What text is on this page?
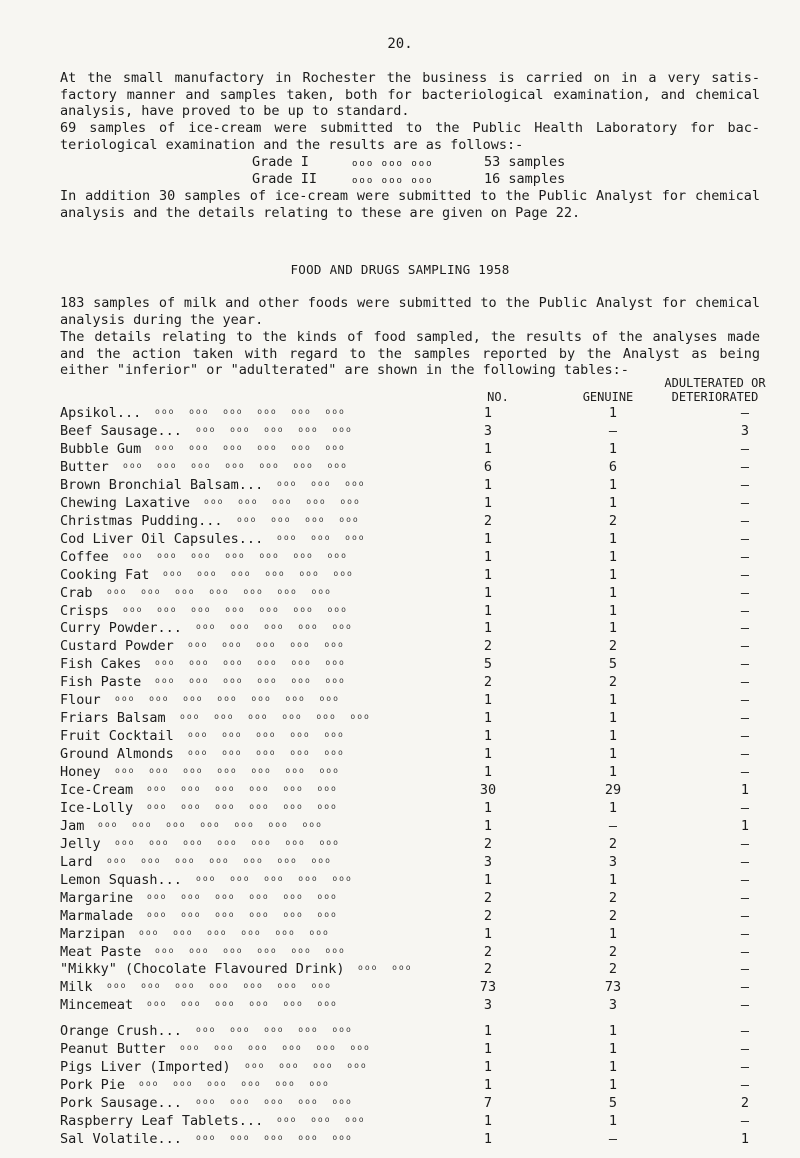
20.

At the small manufactory in Rochester the business is carried on in a very satis- factory manner and samples taken, both for bacteriological examination, and chemical analysis, have proved to be up to standard.

69 samples of ice-cream were submitted to the Public Health Laboratory for bac- teriological examination and the results are as follows:-

Grade I	ooo ooo ooo	53 samples
Grade II	ooo ooo ooo	16 samples

In addition 30 samples of ice-cream were submitted to the Public Analyst for chemical analysis and the details relating to these are given on Page 22.

FOOD AND DRUGS SAMPLING 1958

183 samples of milk and other foods were submitted to the Public Analyst for chemical analysis during the year.

The details relating to the kinds of food sampled, the results of the analyses made and the action taken with regard to the samples reported by the Analyst as being either "inferior" or "adulterated" are shown in the following tables:-

ADULTERATED OR
NO.	GENUINE	DETERIORATED
Apsikol...	1	1	—
ooo  ooo  ooo  ooo  ooo  ooo
Beef Sausage...	3	—	3
ooo  ooo  ooo  ooo  ooo
Bubble Gum	1	1	—
ooo  ooo  ooo  ooo  ooo  ooo
Butter	6	6	—
ooo  ooo  ooo  ooo  ooo  ooo  ooo
Brown Bronchial Balsam...	1	1	—
ooo  ooo  ooo
Chewing Laxative	1	1	—
ooo  ooo  ooo  ooo  ooo
Christmas Pudding...	2	2	—
ooo  ooo  ooo  ooo
Cod Liver Oil Capsules...	1	1	—
ooo  ooo  ooo
Coffee	1	1	—
ooo  ooo  ooo  ooo  ooo  ooo  ooo
Cooking Fat	1	1	—
ooo  ooo  ooo  ooo  ooo  ooo
Crab	1	1	—
ooo  ooo  ooo  ooo  ooo  ooo  ooo
Crisps	1	1	—
ooo  ooo  ooo  ooo  ooo  ooo  ooo
Curry Powder...	1	1	—
ooo  ooo  ooo  ooo  ooo
Custard Powder	2	2	—
ooo  ooo  ooo  ooo  ooo
Fish Cakes	5	5	—
ooo  ooo  ooo  ooo  ooo  ooo
Fish Paste	2	2	—
ooo  ooo  ooo  ooo  ooo  ooo
Flour	1	1	—
ooo  ooo  ooo  ooo  ooo  ooo  ooo
Friars Balsam	1	1	—
ooo  ooo  ooo  ooo  ooo  ooo
Fruit Cocktail	1	1	—
ooo  ooo  ooo  ooo  ooo
Ground Almonds	1	1	—
ooo  ooo  ooo  ooo  ooo
Honey	1	1	—
ooo  ooo  ooo  ooo  ooo  ooo  ooo
Ice-Cream	30	29	1
ooo  ooo  ooo  ooo  ooo  ooo
Ice-Lolly	1	1	—
ooo  ooo  ooo  ooo  ooo  ooo
Jam	1	—	1
ooo  ooo  ooo  ooo  ooo  ooo  ooo
Jelly	2	2	—
ooo  ooo  ooo  ooo  ooo  ooo  ooo
Lard	3	3	—
ooo  ooo  ooo  ooo  ooo  ooo  ooo
Lemon Squash...	1	1	—
ooo  ooo  ooo  ooo  ooo
Margarine	2	2	—
ooo  ooo  ooo  ooo  ooo  ooo
Marmalade	2	2	—
ooo  ooo  ooo  ooo  ooo  ooo
Marzipan	1	1	—
ooo  ooo  ooo  ooo  ooo  ooo
Meat Paste	2	2	—
ooo  ooo  ooo  ooo  ooo  ooo
"Mikky" (Chocolate Flavoured Drink)	2	2	—
ooo  ooo
Milk	73	73	—
ooo  ooo  ooo  ooo  ooo  ooo  ooo
Mincemeat	3	3	—
ooo  ooo  ooo  ooo  ooo  ooo
Orange Crush...	1	1	—
ooo  ooo  ooo  ooo  ooo
Peanut Butter	1	1	—
ooo  ooo  ooo  ooo  ooo  ooo
Pigs Liver (Imported)	1	1	—
ooo  ooo  ooo  ooo
Pork Pie	1	1	—
ooo  ooo  ooo  ooo  ooo  ooo
Pork Sausage...	7	5	2
ooo  ooo  ooo  ooo  ooo
Raspberry Leaf Tablets...	1	1	—
ooo  ooo  ooo
Sal Volatile...	1	—	1
ooo  ooo  ooo  ooo  ooo
